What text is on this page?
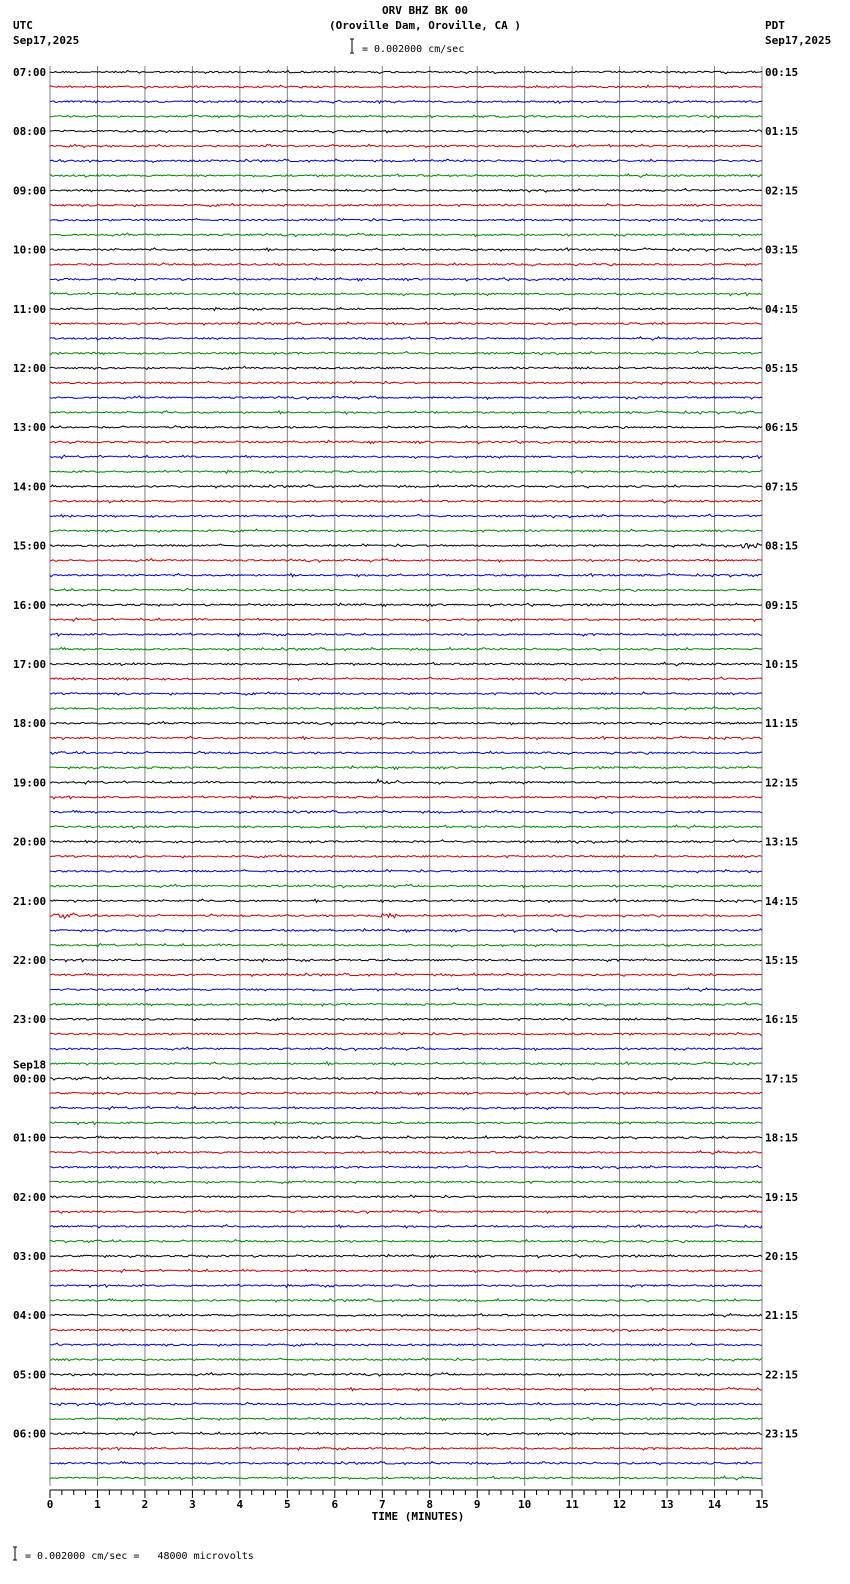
0	1	2	3	4	5	6	7	8	9	10	11	12	13	14	15
07:00
08:00
09:00
10:00
11:00
12:00
13:00
14:00
15:00
16:00
17:00
18:00
19:00
20:00
21:00
22:00
23:00
00:00
Sep18
01:00
02:00
03:00
04:00
05:00
06:00
00:15
01:15
02:15
03:15
04:15
05:15
06:15
07:15
08:15
09:15
10:15
11:15
12:15
13:15
14:15
15:15
16:15
17:15
18:15
19:15
20:15
21:15
22:15
23:15
ORV BHZ BK 00
(Oroville Dam, Oroville, CA )
= 0.002000 cm/sec
UTC
Sep17,2025
PDT
Sep17,2025
TIME (MINUTES)
= 0.002000 cm/sec =   48000 microvolts
